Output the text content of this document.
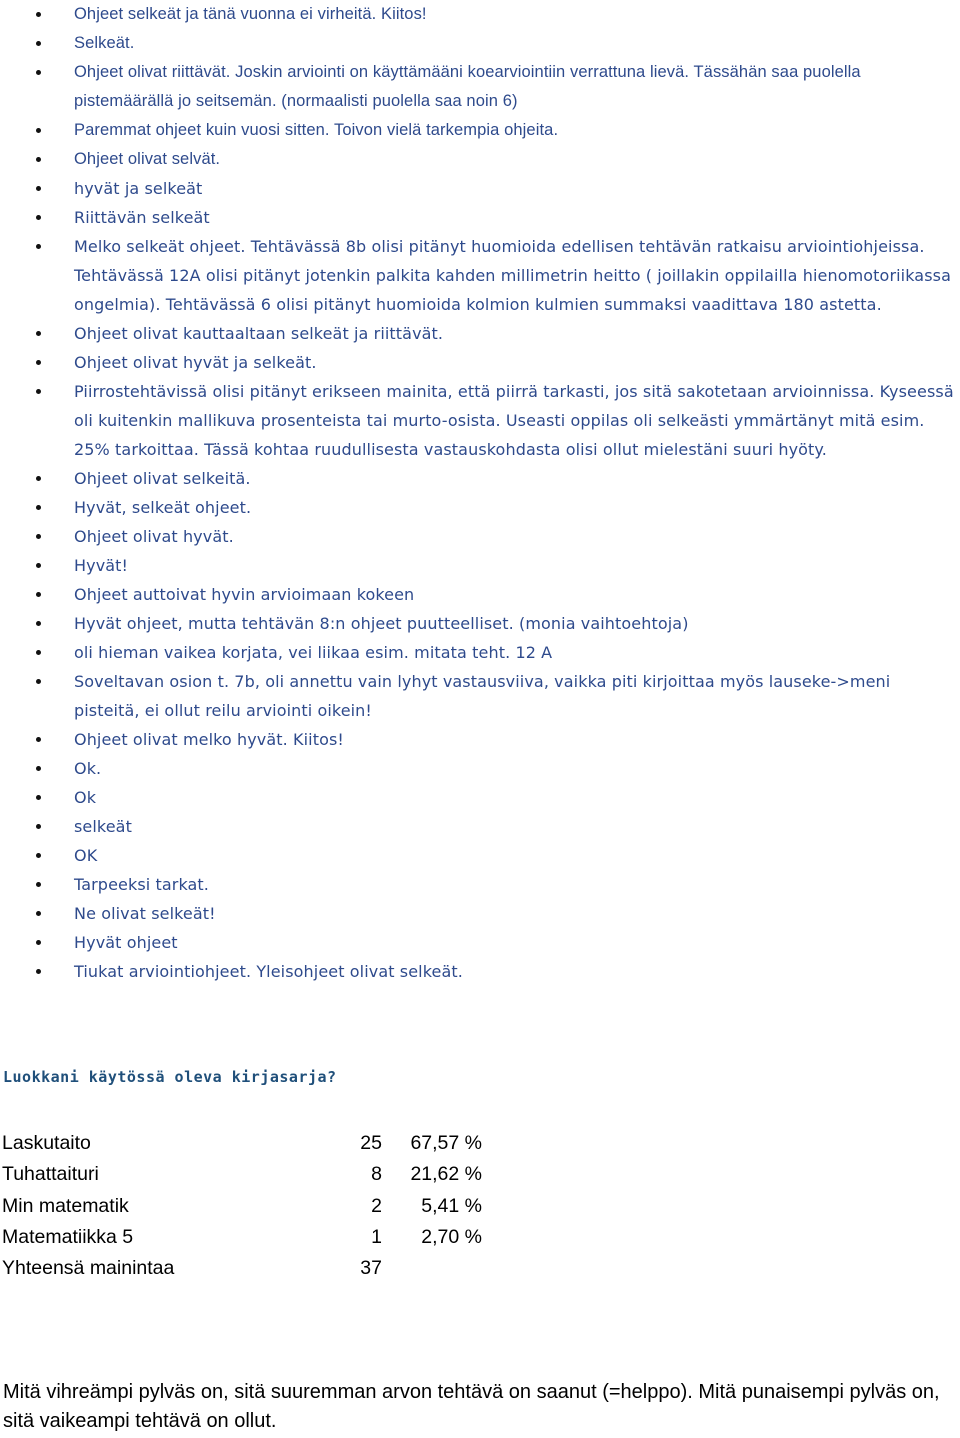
Ohjeet selkeät ja tänä vuonna ei virheitä. Kiitos!
Selkeät.
Ohjeet olivat riittävät. Joskin arviointi on käyttämääni koearviointiin verrattuna lievä. Tässähän saa puolella pistemäärällä jo seitsemän. (normaalisti puolella saa noin 6)
Paremmat ohjeet kuin vuosi sitten. Toivon vielä tarkempia ohjeita.
Ohjeet olivat selvät.
hyvät ja selkeät
Riittävän selkeät
Melko selkeät ohjeet. Tehtävässä 8b olisi pitänyt huomioida edellisen tehtävän ratkaisu arviointiohjeissa. Tehtävässä 12A olisi pitänyt jotenkin palkita kahden millimetrin heitto ( joillakin oppilailla hienomotoriikassa ongelmia). Tehtävässä 6 olisi pitänyt huomioida kolmion kulmien summaksi vaadittava 180 astetta.
Ohjeet olivat kauttaaltaan selkeät ja riittävät.
Ohjeet olivat hyvät ja selkeät.
Piirrostehtävissä olisi pitänyt erikseen mainita, että piirrä tarkasti, jos sitä sakotetaan arvioinnissa. Kyseessä oli kuitenkin mallikuva prosenteista tai murto-osista. Useasti oppilas oli selkeästi ymmärtänyt mitä esim. 25% tarkoittaa. Tässä kohtaa ruudullisesta vastauskohdasta olisi ollut mielestäni suuri hyöty.
Ohjeet olivat selkeitä.
Hyvät, selkeät ohjeet.
Ohjeet olivat hyvät.
Hyvät!
Ohjeet auttoivat hyvin arvioimaan kokeen
Hyvät ohjeet, mutta tehtävän 8:n ohjeet puutteelliset. (monia vaihtoehtoja)
oli hieman vaikea korjata, vei liikaa esim. mitata teht. 12 A
Soveltavan osion t. 7b, oli annettu vain lyhyt vastausviiva, vaikka piti kirjoittaa myös lauseke->meni pisteitä, ei ollut reilu arviointi oikein!
Ohjeet olivat melko hyvät. Kiitos!
Ok.
Ok
selkeät
OK
Tarpeeksi tarkat.
Ne olivat selkeät!
Hyvät ohjeet
Tiukat arviointiohjeet. Yleisohjeet olivat selkeät.
Luokkani käytössä oleva kirjasarja?
Laskutaito	25	67,57 %
Tuhattaituri	8	21,62 %
Min matematik	2	5,41 %
Matematiikka 5	1	2,70 %
Yhteensä mainintaa	37	

Mitä vihreämpi pylväs on, sitä suuremman arvon tehtävä on saanut (=helppo). Mitä punaisempi pylväs on, sitä vaikeampi tehtävä on ollut.
